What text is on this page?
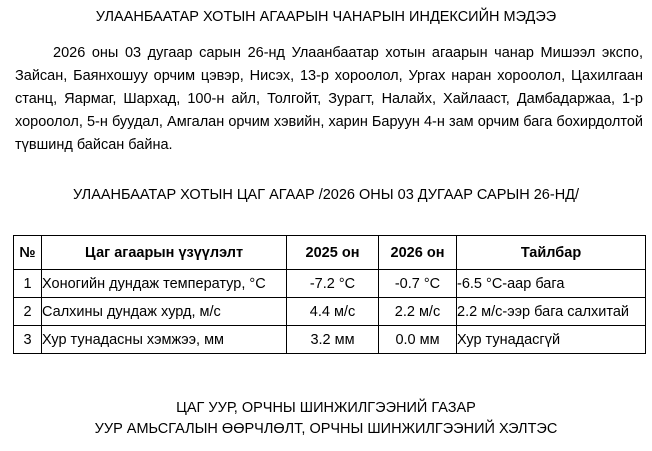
УЛААНБААТАР ХОТЫН АГААРЫН ЧАНАРЫН ИНДЕКСИЙН МЭДЭЭ
2026 оны 03 дугаар сарын 26-нд Улаанбаатар хотын агаарын чанар Мишээл экспо, Зайсан, Баянхошуу орчим цэвэр, Нисэх, 13-р хороолол, Ургах наран хороолол, Цахилгаан станц, Яармаг, Шархад, 100-н айл, Толгойт, Зурагт, Налайх, Хайлааст, Дамбадаржаа, 1-р хороолол, 5-н буудал, Амгалан орчим хэвийн, харин Баруун 4-н зам орчим бага бохирдолтой түвшинд байсан байна.
УЛААНБААТАР ХОТЫН ЦАГ АГААР /2026 ОНЫ 03 ДУГААР САРЫН 26-НД/
№	Цаг агаарын үзүүлэлт	2025 он	2026 он	Тайлбар
1	Хоногийн дундаж температур, °С	-7.2 °С	-0.7 °С	-6.5 °С-аар бага
2	Салхины дундаж хурд, м/с	4.4 м/с	2.2 м/с	2.2 м/с-ээр бага салхитай
3	Хур тунадасны хэмжээ, мм	3.2 мм	0.0 мм	Хур тунадасгүй
ЦАГ УУР, ОРЧНЫ ШИНЖИЛГЭЭНИЙ ГАЗАР
УУР АМЬСГАЛЫН ӨӨРЧЛӨЛТ, ОРЧНЫ ШИНЖИЛГЭЭНИЙ ХЭЛТЭС
